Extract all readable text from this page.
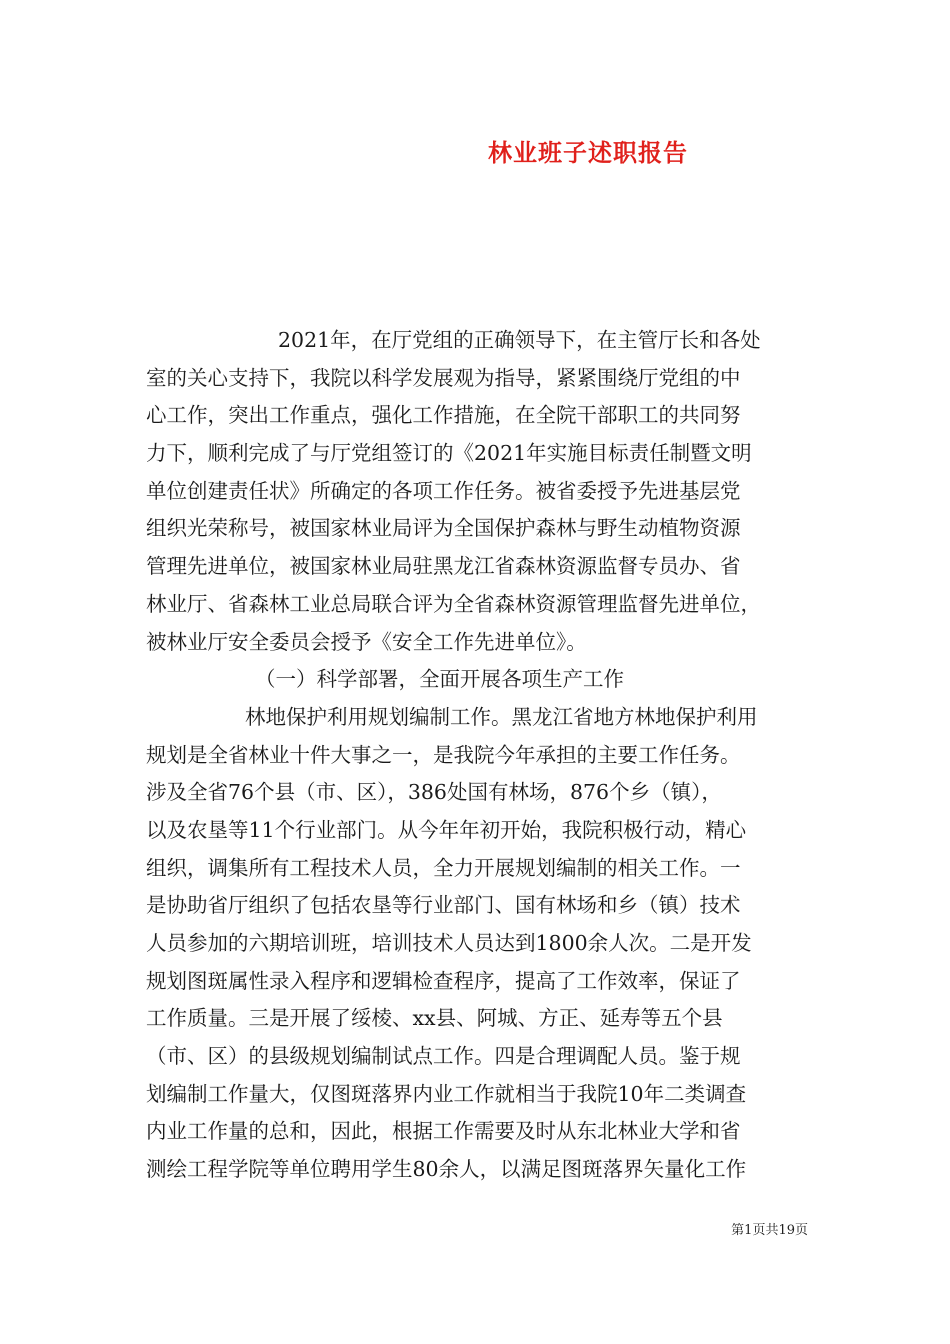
林业班子述职报告
2021年，在厅党组的正确领导下，在主管厅长和各处
室的关心支持下，我院以科学发展观为指导，紧紧围绕厅党组的中
心工作，突出工作重点，强化工作措施，在全院干部职工的共同努
力下，顺利完成了与厅党组签订的《2021年实施目标责任制暨文明
单位创建责任状》所确定的各项工作任务。被省委授予先进基层党
组织光荣称号，被国家林业局评为全国保护森林与野生动植物资源
管理先进单位，被国家林业局驻黑龙江省森林资源监督专员办、省
林业厅、省森林工业总局联合评为全省森林资源管理监督先进单位，
被林业厅安全委员会授予《安全工作先进单位》。
（一）科学部署，全面开展各项生产工作
林地保护利用规划编制工作。黑龙江省地方林地保护利用
规划是全省林业十件大事之一，是我院今年承担的主要工作任务。
涉及全省76个县（市、区），386处国有林场，876个乡（镇），
以及农垦等11个行业部门。从今年年初开始，我院积极行动，精心
组织，调集所有工程技术人员，全力开展规划编制的相关工作。一
是协助省厅组织了包括农垦等行业部门、国有林场和乡（镇）技术
人员参加的六期培训班，培训技术人员达到1800余人次。二是开发
规划图斑属性录入程序和逻辑检查程序，提高了工作效率，保证了
工作质量。三是开展了绥棱、xx县、阿城、方正、延寿等五个县
（市、区）的县级规划编制试点工作。四是合理调配人员。鉴于规
划编制工作量大，仅图斑落界内业工作就相当于我院10年二类调查
内业工作量的总和，因此，根据工作需要及时从东北林业大学和省
测绘工程学院等单位聘用学生80余人，以满足图斑落界矢量化工作
第1页共19页
